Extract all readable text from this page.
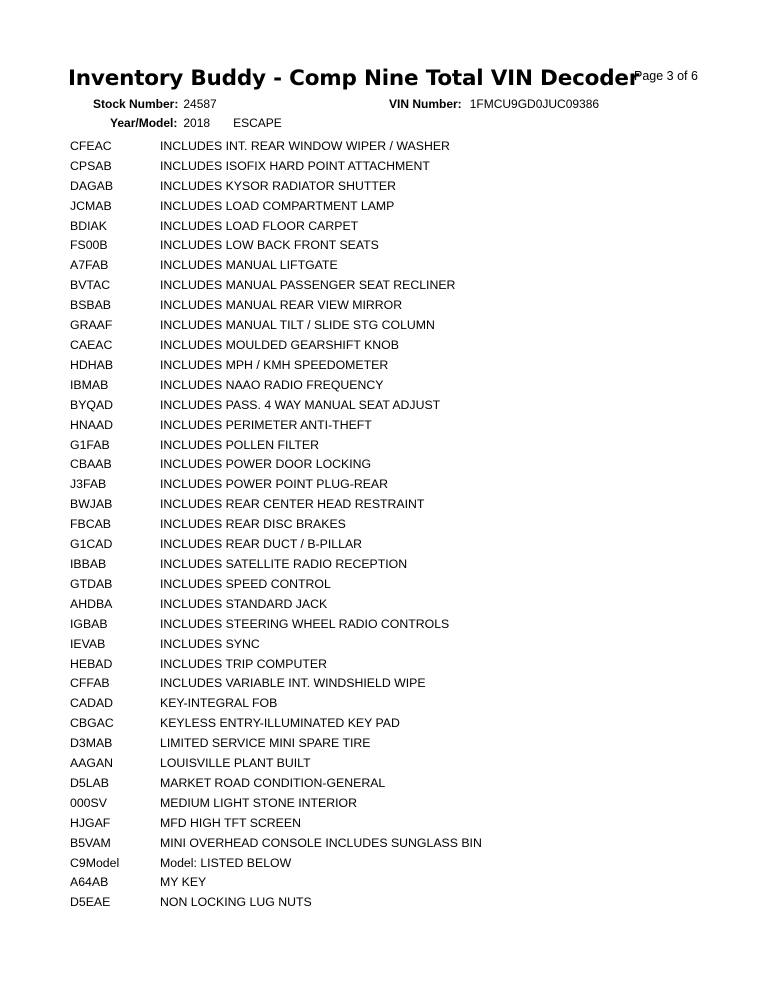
Inventory Buddy - Comp Nine Total VIN Decoder
Page 3 of 6
Stock Number: 24587	VIN Number: 1FMCU9GD0JUC09386
Year/Model: 2018 ESCAPE
CFEAC	INCLUDES INT. REAR WINDOW WIPER / WASHER
CPSAB	INCLUDES ISOFIX HARD POINT ATTACHMENT
DAGAB	INCLUDES KYSOR RADIATOR SHUTTER
JCMAB	INCLUDES LOAD COMPARTMENT LAMP
BDIAK	INCLUDES LOAD FLOOR CARPET
FS00B	INCLUDES LOW BACK FRONT SEATS
A7FAB	INCLUDES MANUAL LIFTGATE
BVTAC	INCLUDES MANUAL PASSENGER SEAT RECLINER
BSBAB	INCLUDES MANUAL REAR VIEW MIRROR
GRAAF	INCLUDES MANUAL TILT / SLIDE STG COLUMN
CAEAC	INCLUDES MOULDED GEARSHIFT KNOB
HDHAB	INCLUDES MPH / KMH SPEEDOMETER
IBMAB	INCLUDES NAAO RADIO FREQUENCY
BYQAD	INCLUDES PASS. 4 WAY MANUAL SEAT ADJUST
HNAAD	INCLUDES PERIMETER ANTI-THEFT
G1FAB	INCLUDES POLLEN FILTER
CBAAB	INCLUDES POWER DOOR LOCKING
J3FAB	INCLUDES POWER POINT PLUG-REAR
BWJAB	INCLUDES REAR CENTER HEAD RESTRAINT
FBCAB	INCLUDES REAR DISC BRAKES
G1CAD	INCLUDES REAR DUCT / B-PILLAR
IBBAB	INCLUDES SATELLITE RADIO RECEPTION
GTDAB	INCLUDES SPEED CONTROL
AHDBA	INCLUDES STANDARD JACK
IGBAB	INCLUDES STEERING WHEEL RADIO CONTROLS
IEVAB	INCLUDES SYNC
HEBAD	INCLUDES TRIP COMPUTER
CFFAB	INCLUDES VARIABLE INT. WINDSHIELD WIPE
CADAD	KEY-INTEGRAL FOB
CBGAC	KEYLESS ENTRY-ILLUMINATED KEY PAD
D3MAB	LIMITED SERVICE MINI SPARE TIRE
AAGAN	LOUISVILLE PLANT BUILT
D5LAB	MARKET ROAD CONDITION-GENERAL
000SV	MEDIUM LIGHT STONE INTERIOR
HJGAF	MFD HIGH TFT SCREEN
B5VAM	MINI OVERHEAD CONSOLE INCLUDES SUNGLASS BIN
C9Model	Model: LISTED BELOW
A64AB	MY KEY
D5EAE	NON LOCKING LUG NUTS
